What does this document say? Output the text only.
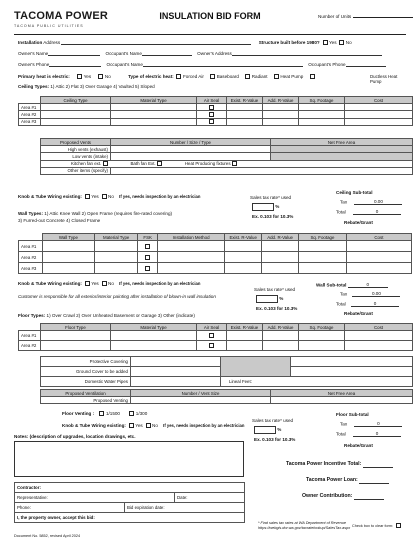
TACOMA POWER
TACOMA PUBLIC UTILITIES
INSULATION BID FORM	Number of Units
Installation Address	Structure built before 1980? Yes No
Owner's Name	Occupant's Name	Owner's Address
Owner's Phone	Occupant's Name	Occupant's Phone
Primary heat is electric:	Yes	No	Type of electric heat: Forced Air	Baseboard	Radiant	Heat Pump	Ductless Heat Pump
Ceiling Types: 1) Attic 2) Flat 3) Over Garage 4) Vaulted 5) Sloped
	Ceiling Type	Material Type	Air Seal	Exist. R-Value	Add. R-Value	Sq. Footage	Cost
Area #1							
Area #2							
Area #3							
Proposed Vents	Number / Size / Type	Net Free Area
High vents (exhaust)		
Low vents (intake)		
Kitchen fan ext. Bath fan Ext. Heat Producing fixtures		
Other items (specify)		
Knob & Tube Wiring existing: Yes No If yes, needs inspection by an electrician	Sales tax rate* used
%
Ex. 0.103 for 10.3%
Ceiling Sub-total
Tax	0.00
Total	0
Rebate/Grant
Wall Types: 1) Attic Knee Wall 2) Open Frame (requires fire-rated covering)
3) Furred-out Concrete 4) Closed Frame
	Wall Type	Material Type	FSK	Installation Method	Exist. R-Value	Add. R-Value	Sq. Footage	Cost
Area #1								
Area #2								
Area #3								
Knob & Tube Wiring existing: Yes No If yes, needs inspection by an electrician
Customer is responsible for all exterior/interior painting after installation of blown-in wall insulation
Sales tax rate* used
%
Ex. 0.103 for 10.3%
Wall Sub-total	0
Tax	0.00
Total	0
Rebate/Grant
Floor Types: 1) Over Crawl 2) Over Unheated Basement or Garage 3) Other (indicate)
	Floor Type	Material Type	Air Seal	Exist. R-Value	Add. R-Value	Sq. Footage	Cost
Area #1							
Area #2							
Protective Covering			
Ground Cover to be added			
Domestic Water Pipes		Lineal Feet:	
Proposed Ventilation	Number / Vent Size	Net Free Area
Proposed Venting		
Floor Venting :	1/1500	1/300
Knob & Tube Wiring existing: Yes No If yes, needs inspection by an electrician
Sales tax rate* used
%
Ex. 0.103 for 10.3%
Floor Sub-total
Tax	0
Total	0
Rebate/Grant
Notes: (description of upgrades, location drawings, etc.
Tacoma Power Incentive Total:
Tacoma Power Loan:
Owner Contribution:
Contractor:		
Representative:		Date:
Phone:	Bid expiration date:	
I, the property owner, accept this bid:		
* Find sales tax rates at WA Department of Revenue
https://webgis.dor.wa.gov/taxratelookup/SalesTax.aspx Check box to clear form:
Document No. 5852, revised April 2024
